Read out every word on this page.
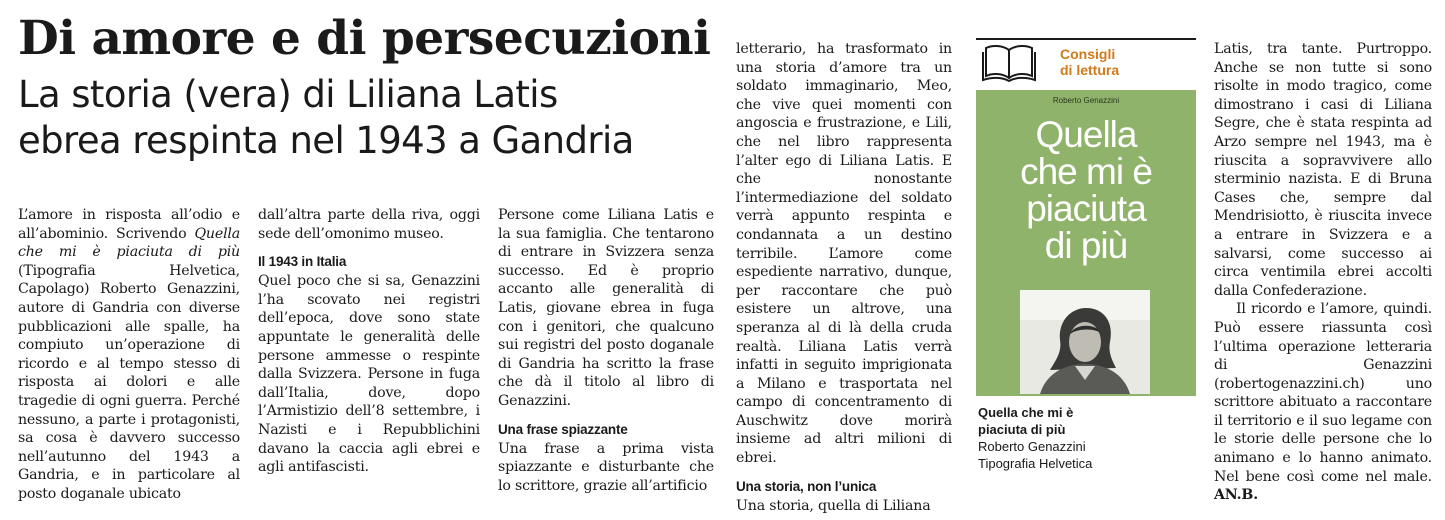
Di amore e di persecuzioni
La storia (vera) di Liliana Latis
ebrea respinta nel 1943 a Gandria

L’amore in risposta all’odio e all’abominio. Scrivendo Quella che mi è piaciuta di più (Tipografia Helvetica, Capolago) Roberto Genazzini, autore di Gandria con diverse pubblicazioni alle spalle, ha compiuto un’operazione di ricordo e al tempo stesso di risposta ai dolori e alle tragedie di ogni guerra. Perché nessuno, a parte i protagonisti, sa cosa è davvero successo nell’autunno del 1943 a Gandria, e in particolare al posto doganale ubicato

dall’altra parte della riva, oggi sede dell’omonimo museo.

Il 1943 in Italia

Quel poco che si sa, Genazzini l’ha scovato nei registri dell’epoca, dove sono state appuntate le generalità delle persone ammesse o respinte dalla Svizzera. Persone in fuga dall’Italia, dove, dopo l’Armistizio dell’8 settembre, i Nazisti e i Repubblichini davano la caccia agli ebrei e agli antifascisti.

Persone come Liliana Latis e la sua famiglia. Che tentarono di entrare in Svizzera senza successo. Ed è proprio accanto alle generalità di Latis, giovane ebrea in fuga con i genitori, che qualcuno sui registri del posto doganale di Gandria ha scritto la frase che dà il titolo al libro di Genazzini.

Una frase spiazzante

Una frase a prima vista spiazzante e disturbante che lo scrittore, grazie all’artificio

letterario, ha trasformato in una storia d’amore tra un soldato immaginario, Meo, che vive quei momenti con angoscia e frustrazione, e Lili, che nel libro rappresenta l’alter ego di Liliana Latis. E che nonostante l’intermediazione del soldato verrà appunto respinta e condannata a un destino terribile. L’amore come espediente narrativo, dunque, per raccontare che può esistere un altrove, una speranza al di là della cruda realtà. Liliana Latis verrà infatti in seguito imprigionata a Milano e trasportata nel campo di concentramento di Auschwitz dove morirà insieme ad altri milioni di ebrei.

Una storia, non l’unica

Una storia, quella di Liliana

Consigli
di lettura
Roberto Genazzini
Quella
che mi è
piaciuta
di più
Quella che mi è
piaciuta di più
Roberto Genazzini
Tipografia Helvetica

Latis, tra tante. Purtroppo. Anche se non tutte si sono risolte in modo tragico, come dimostrano i casi di Liliana Segre, che è stata respinta ad Arzo sempre nel 1943, ma è riuscita a sopravvivere allo sterminio nazista. E di Bruna Cases che, sempre dal Mendrisiotto, è riuscita invece a entrare in Svizzera e a salvarsi, come successo ai circa ventimila ebrei accolti dalla Confederazione.

Il ricordo e l’amore, quindi. Può essere riassunta così l’ultima operazione letteraria di Genazzini (robertogenazzini.ch) uno scrittore abituato a raccontare il territorio e il suo legame con le storie delle persone che lo animano e lo hanno animato. Nel bene così come nel male. AN.B.
